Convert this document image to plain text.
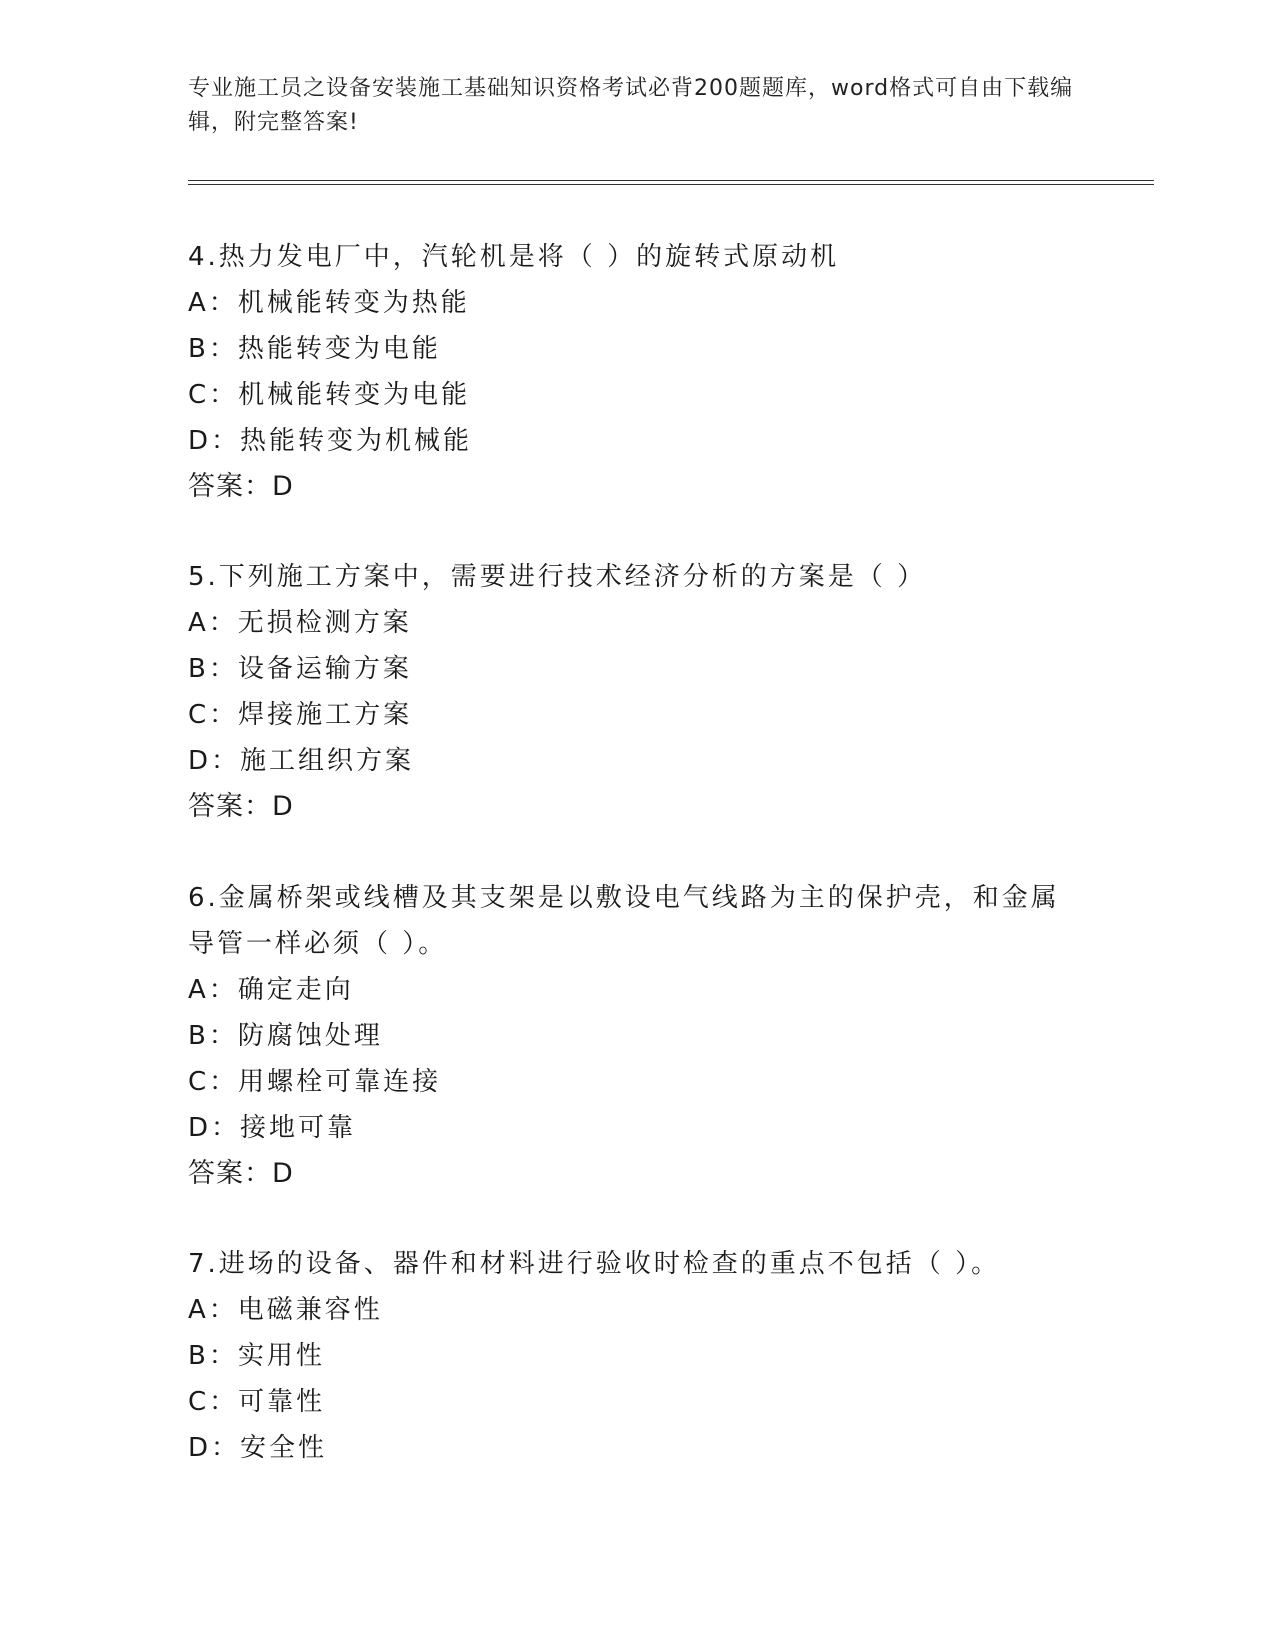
专业施工员之设备安装施工基础知识资格考试必背200题题库，word格式可自由下载编辑，附完整答案!

4.热力发电厂中，汽轮机是将（ ）的旋转式原动机

A：机械能转变为热能

B：热能转变为电能

C：机械能转变为电能

D：热能转变为机械能

答案：D

5.下列施工方案中，需要进行技术经济分析的方案是（ ）

A：无损检测方案

B：设备运输方案

C：焊接施工方案

D：施工组织方案

答案：D

6.金属桥架或线槽及其支架是以敷设电气线路为主的保护壳，和金属导管一样必须（ ）。

A：确定走向

B：防腐蚀处理

C：用螺栓可靠连接

D：接地可靠

答案：D

7.进场的设备、器件和材料进行验收时检查的重点不包括（ ）。

A：电磁兼容性

B：实用性

C：可靠性

D：安全性
